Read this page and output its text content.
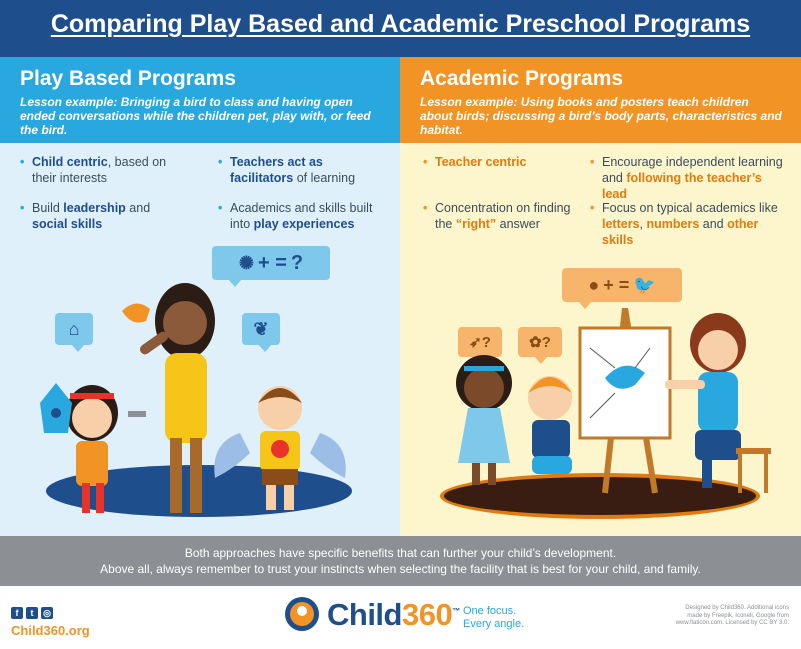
Comparing Play Based and Academic Preschool Programs
Play Based Programs

Lesson example: Bringing a bird to class and having open ended conversations while the children pet, play with, or feed the bird.

Academic Programs

Lesson example: Using books and posters teach children about birds; discussing a bird’s body parts, characteristics and habitat.

• Child centric, based on their interests
• Teachers act as facilitators of learning
• Build leadership and social skills
• Academics and skills built into play experiences
✺ + = ?
⌂	❦
• Teacher centric
•	Encourage independent learning and following the teacher’s lead
• Concentration on finding the “right” answer
• Focus on typical academics like letters, numbers and other skills
● + = 🐦
➶ ?	✿ ?
Both approaches have specific benefits that can further your child’s development.
Above all, always remember to trust your instincts when selecting the facility that is best for your child, and family.
f	t	◎
Child360.org	Child360™ One focus.
Every angle.
Designed by Child360. Additional icons made by Freepik, Iconell, Google from www.flaticon.com. Licensed by CC BY 3.0.
